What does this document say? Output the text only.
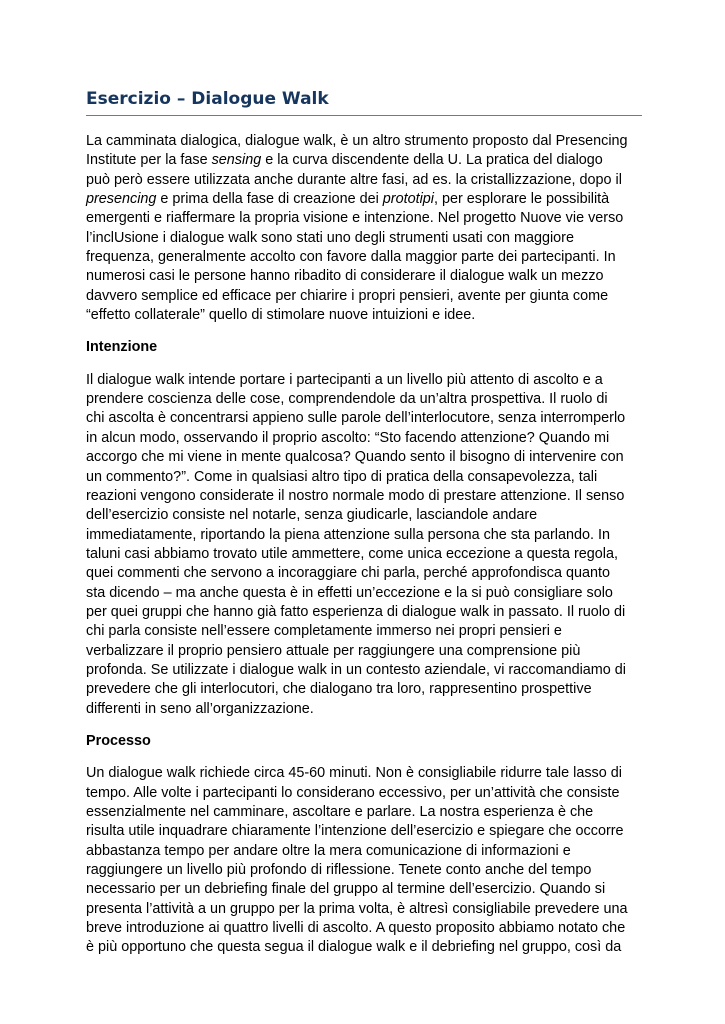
Esercizio – Dialogue Walk
La camminata dialogica, dialogue walk, è un altro strumento proposto dal Presencing
Institute per la fase sensing e la curva discendente della U. La pratica del dialogo
può però essere utilizzata anche durante altre fasi, ad es. la cristallizzazione, dopo il
presencing e prima della fase di creazione dei prototipi, per esplorare le possibilità
emergenti e riaffermare la propria visione e intenzione. Nel progetto Nuove vie verso
l’inclUsione i dialogue walk sono stati uno degli strumenti usati con maggiore
frequenza, generalmente accolto con favore dalla maggior parte dei partecipanti. In
numerosi casi le persone hanno ribadito di considerare il dialogue walk un mezzo
davvero semplice ed efficace per chiarire i propri pensieri, avente per giunta come
“effetto collaterale” quello di stimolare nuove intuizioni e idee.
Intenzione
Il dialogue walk intende portare i partecipanti a un livello più attento di ascolto e a
prendere coscienza delle cose, comprendendole da un’altra prospettiva. Il ruolo di
chi ascolta è concentrarsi appieno sulle parole dell’interlocutore, senza interromperlo
in alcun modo, osservando il proprio ascolto: “Sto facendo attenzione? Quando mi
accorgo che mi viene in mente qualcosa? Quando sento il bisogno di intervenire con
un commento?”. Come in qualsiasi altro tipo di pratica della consapevolezza, tali
reazioni vengono considerate il nostro normale modo di prestare attenzione. Il senso
dell’esercizio consiste nel notarle, senza giudicarle, lasciandole andare
immediatamente, riportando la piena attenzione sulla persona che sta parlando. In
taluni casi abbiamo trovato utile ammettere, come unica eccezione a questa regola,
quei commenti che servono a incoraggiare chi parla, perché approfondisca quanto
sta dicendo – ma anche questa è in effetti un’eccezione e la si può consigliare solo
per quei gruppi che hanno già fatto esperienza di dialogue walk in passato. Il ruolo di
chi parla consiste nell’essere completamente immerso nei propri pensieri e
verbalizzare il proprio pensiero attuale per raggiungere una comprensione più
profonda. Se utilizzate i dialogue walk in un contesto aziendale, vi raccomandiamo di
prevedere che gli interlocutori, che dialogano tra loro, rappresentino prospettive
differenti in seno all’organizzazione.
Processo
Un dialogue walk richiede circa 45-60 minuti. Non è consigliabile ridurre tale lasso di
tempo. Alle volte i partecipanti lo considerano eccessivo, per un’attività che consiste
essenzialmente nel camminare, ascoltare e parlare. La nostra esperienza è che
risulta utile inquadrare chiaramente l’intenzione dell’esercizio e spiegare che occorre
abbastanza tempo per andare oltre la mera comunicazione di informazioni e
raggiungere un livello più profondo di riflessione. Tenete conto anche del tempo
necessario per un debriefing finale del gruppo al termine dell’esercizio. Quando si
presenta l’attività a un gruppo per la prima volta, è altresì consigliabile prevedere una
breve introduzione ai quattro livelli di ascolto. A questo proposito abbiamo notato che
è più opportuno che questa segua il dialogue walk e il debriefing nel gruppo, così da
